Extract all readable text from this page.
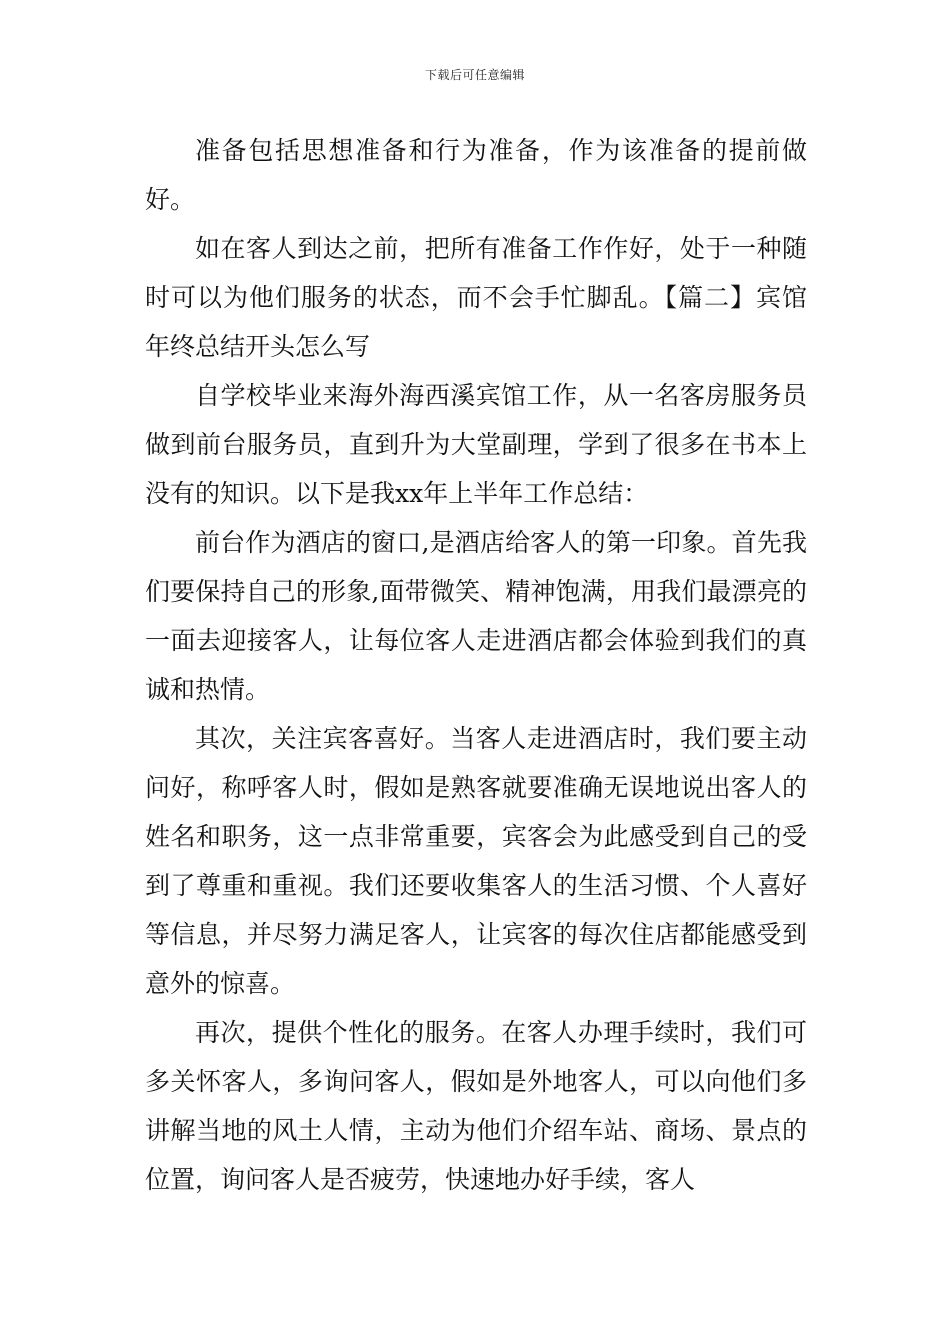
下载后可任意编辑

准备包括思想准备和行为准备，作为该准备的提前做好。

如在客人到达之前，把所有准备工作作好，处于一种随时可以为他们服务的状态，而不会手忙脚乱。【篇二】宾馆年终总结开头怎么写

自学校毕业来海外海西溪宾馆工作，从一名客房服务员做到前台服务员，直到升为大堂副理，学到了很多在书本上没有的知识。以下是我xx年上半年工作总结：

前台作为酒店的窗口,是酒店给客人的第一印象。首先我们要保持自己的形象,面带微笑、精神饱满，用我们最漂亮的一面去迎接客人，让每位客人走进酒店都会体验到我们的真诚和热情。

其次，关注宾客喜好。当客人走进酒店时，我们要主动问好，称呼客人时，假如是熟客就要准确无误地说出客人的姓名和职务，这一点非常重要，宾客会为此感受到自己的受到了尊重和重视。我们还要收集客人的生活习惯、个人喜好等信息，并尽努力满足客人，让宾客的每次住店都能感受到意外的惊喜。

再次，提供个性化的服务。在客人办理手续时，我们可多关怀客人，多询问客人，假如是外地客人，可以向他们多讲解当地的风土人情，主动为他们介绍车站、商场、景点的位置，询问客人是否疲劳，快速地办好手续，客人
